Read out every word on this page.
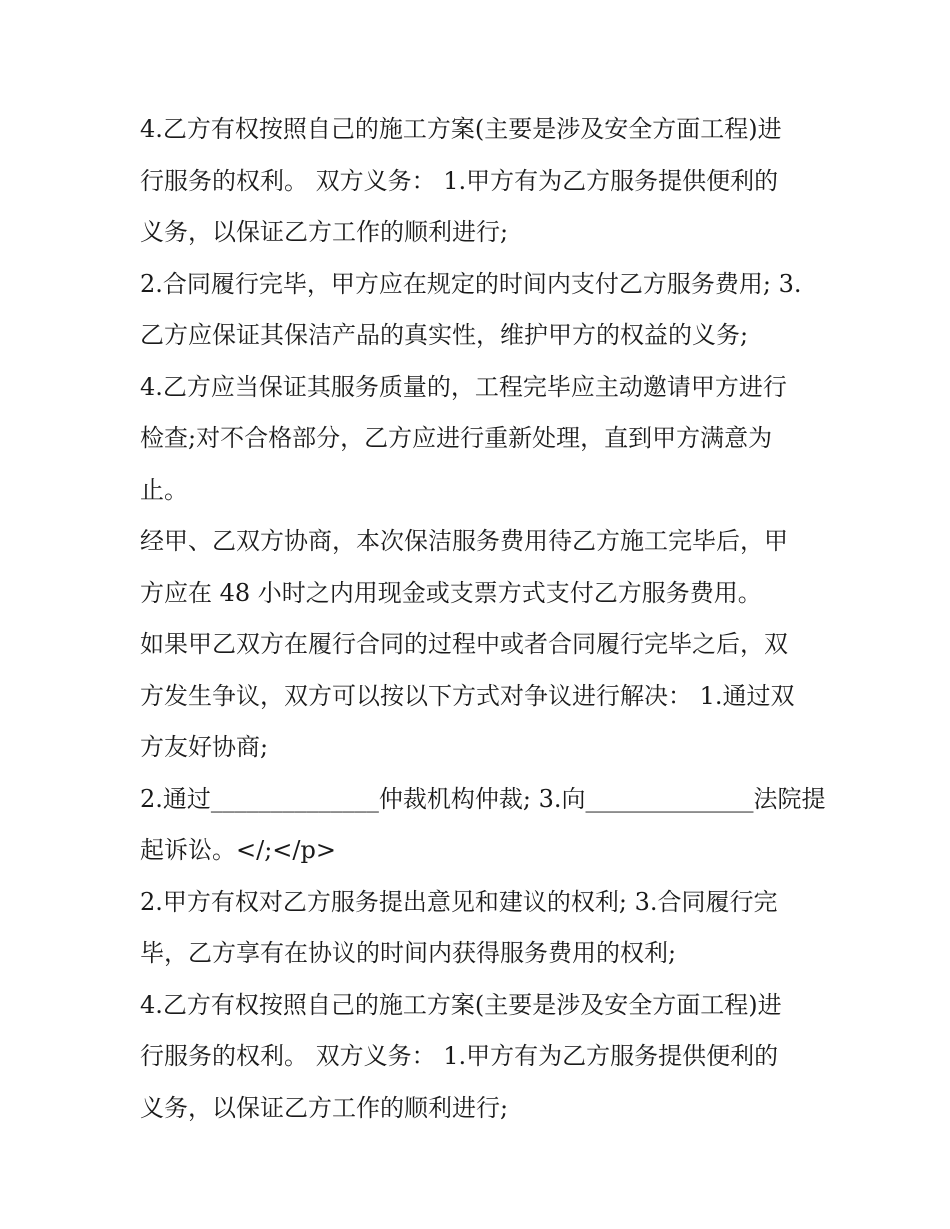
4.乙方有权按照自己的施工方案(主要是涉及安全方面工程)进
行服务的权利。 双方义务： 1.甲方有为乙方服务提供便利的
义务，以保证乙方工作的顺利进行;

2.合同履行完毕，甲方应在规定的时间内支付乙方服务费用; 3.
乙方应保证其保洁产品的真实性，维护甲方的权益的义务;

4.乙方应当保证其服务质量的，工程完毕应主动邀请甲方进行
检查;对不合格部分，乙方应进行重新处理，直到甲方满意为
止。

经甲、乙双方协商，本次保洁服务费用待乙方施工完毕后，甲
方应在 48 小时之内用现金或支票方式支付乙方服务费用。

如果甲乙双方在履行合同的过程中或者合同履行完毕之后，双
方发生争议，双方可以按以下方式对争议进行解决： 1.通过双
方友好协商;

2.通过______________仲裁机构仲裁; 3.向______________法院提
起诉讼。</;</p>

2.甲方有权对乙方服务提出意见和建议的权利; 3.合同履行完
毕，乙方享有在协议的时间内获得服务费用的权利;

4.乙方有权按照自己的施工方案(主要是涉及安全方面工程)进
行服务的权利。 双方义务： 1.甲方有为乙方服务提供便利的
义务，以保证乙方工作的顺利进行;
